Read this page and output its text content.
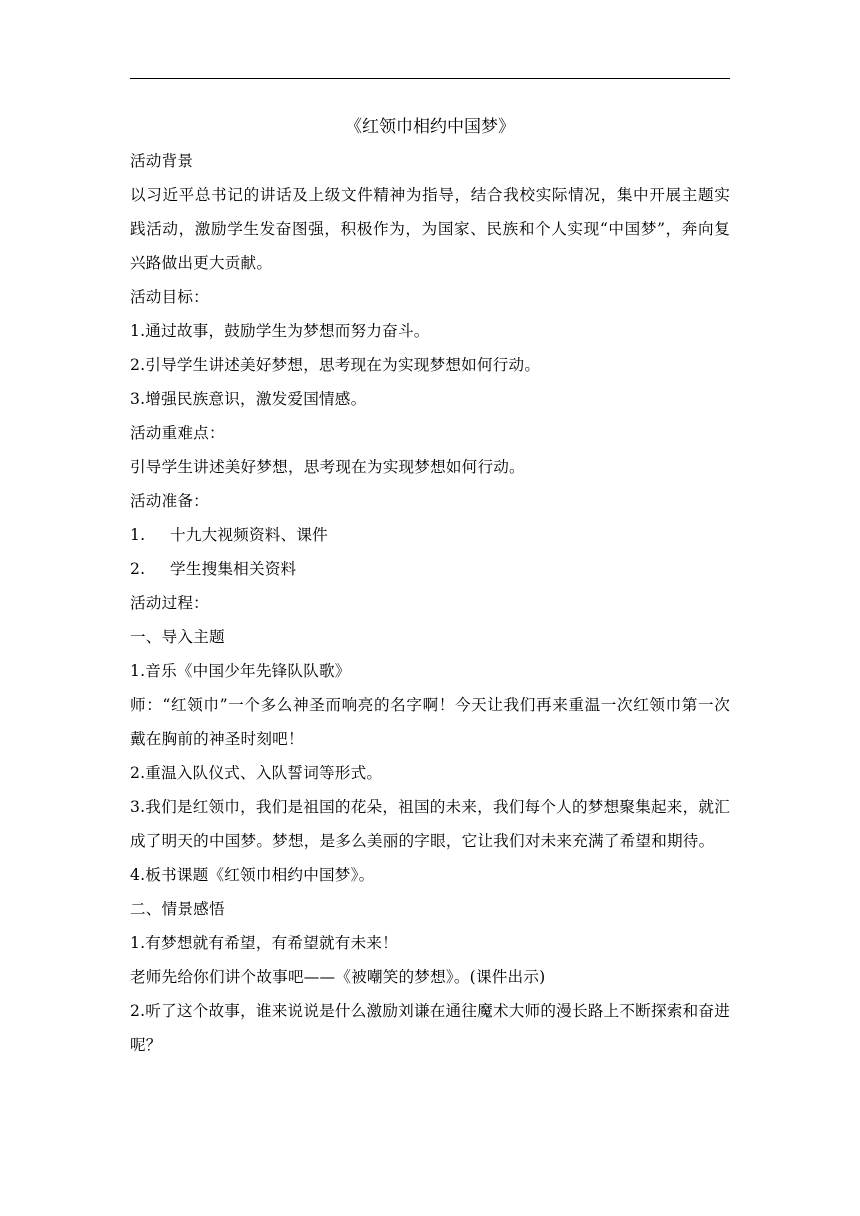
《红领巾相约中国梦》

活动背景

以习近平总书记的讲话及上级文件精神为指导，结合我校实际情况，集中开展主题实践活动，激励学生发奋图强，积极作为，为国家、民族和个人实现“中国梦”，奔向复兴路做出更大贡献。

活动目标：

1.通过故事，鼓励学生为梦想而努力奋斗。

2.引导学生讲述美好梦想，思考现在为实现梦想如何行动。

3.增强民族意识，激发爱国情感。

活动重难点：

引导学生讲述美好梦想，思考现在为实现梦想如何行动。

活动准备：

1. 十九大视频资料、课件

2. 学生搜集相关资料

活动过程：

一、导入主题

1.音乐《中国少年先锋队队歌》

师：“红领巾”一个多么神圣而响亮的名字啊！今天让我们再来重温一次红领巾第一次戴在胸前的神圣时刻吧！

2.重温入队仪式、入队誓词等形式。

3.我们是红领巾，我们是祖国的花朵，祖国的未来，我们每个人的梦想聚集起来，就汇成了明天的中国梦。梦想，是多么美丽的字眼，它让我们对未来充满了希望和期待。

4.板书课题《红领巾相约中国梦》。

二、情景感悟

1.有梦想就有希望，有希望就有未来！

老师先给你们讲个故事吧——《被嘲笑的梦想》。(课件出示)

2.听了这个故事，谁来说说是什么激励刘谦在通往魔术大师的漫长路上不断探索和奋进呢？
